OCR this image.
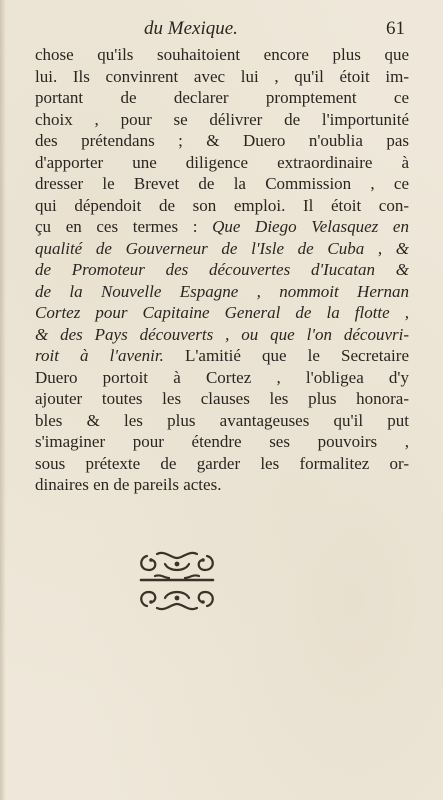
du Mexique.	61
chose qu'ils souhaitoient encore plus que
lui. Ils convinrent avec lui , qu'il étoit im-
portant de declarer promptement ce
choix , pour se délivrer de l'importunité
des prétendans ; & Duero n'oublia pas
d'apporter une diligence extraordinaire à
dresser le Brevet de la Commission , ce
qui dépendoit de son emploi. Il étoit con-
çu en ces termes : Que Diego Velasquez en
qualité de Gouverneur de l'Isle de Cuba , &
de Promoteur des découvertes d'Iucatan &
de la Nouvelle Espagne , nommoit Hernan
Cortez pour Capitaine General de la flotte ,
& des Pays découverts , ou que l'on découvri-
roit à l'avenir. L'amitié que le Secretaire
Duero portoit à Cortez , l'obligea d'y
ajouter toutes les clauses les plus honora-
bles & les plus avantageuses qu'il put
s'imaginer pour étendre ses pouvoirs ,
sous prétexte de garder les formalitez or-
dinaires en de pareils actes.
